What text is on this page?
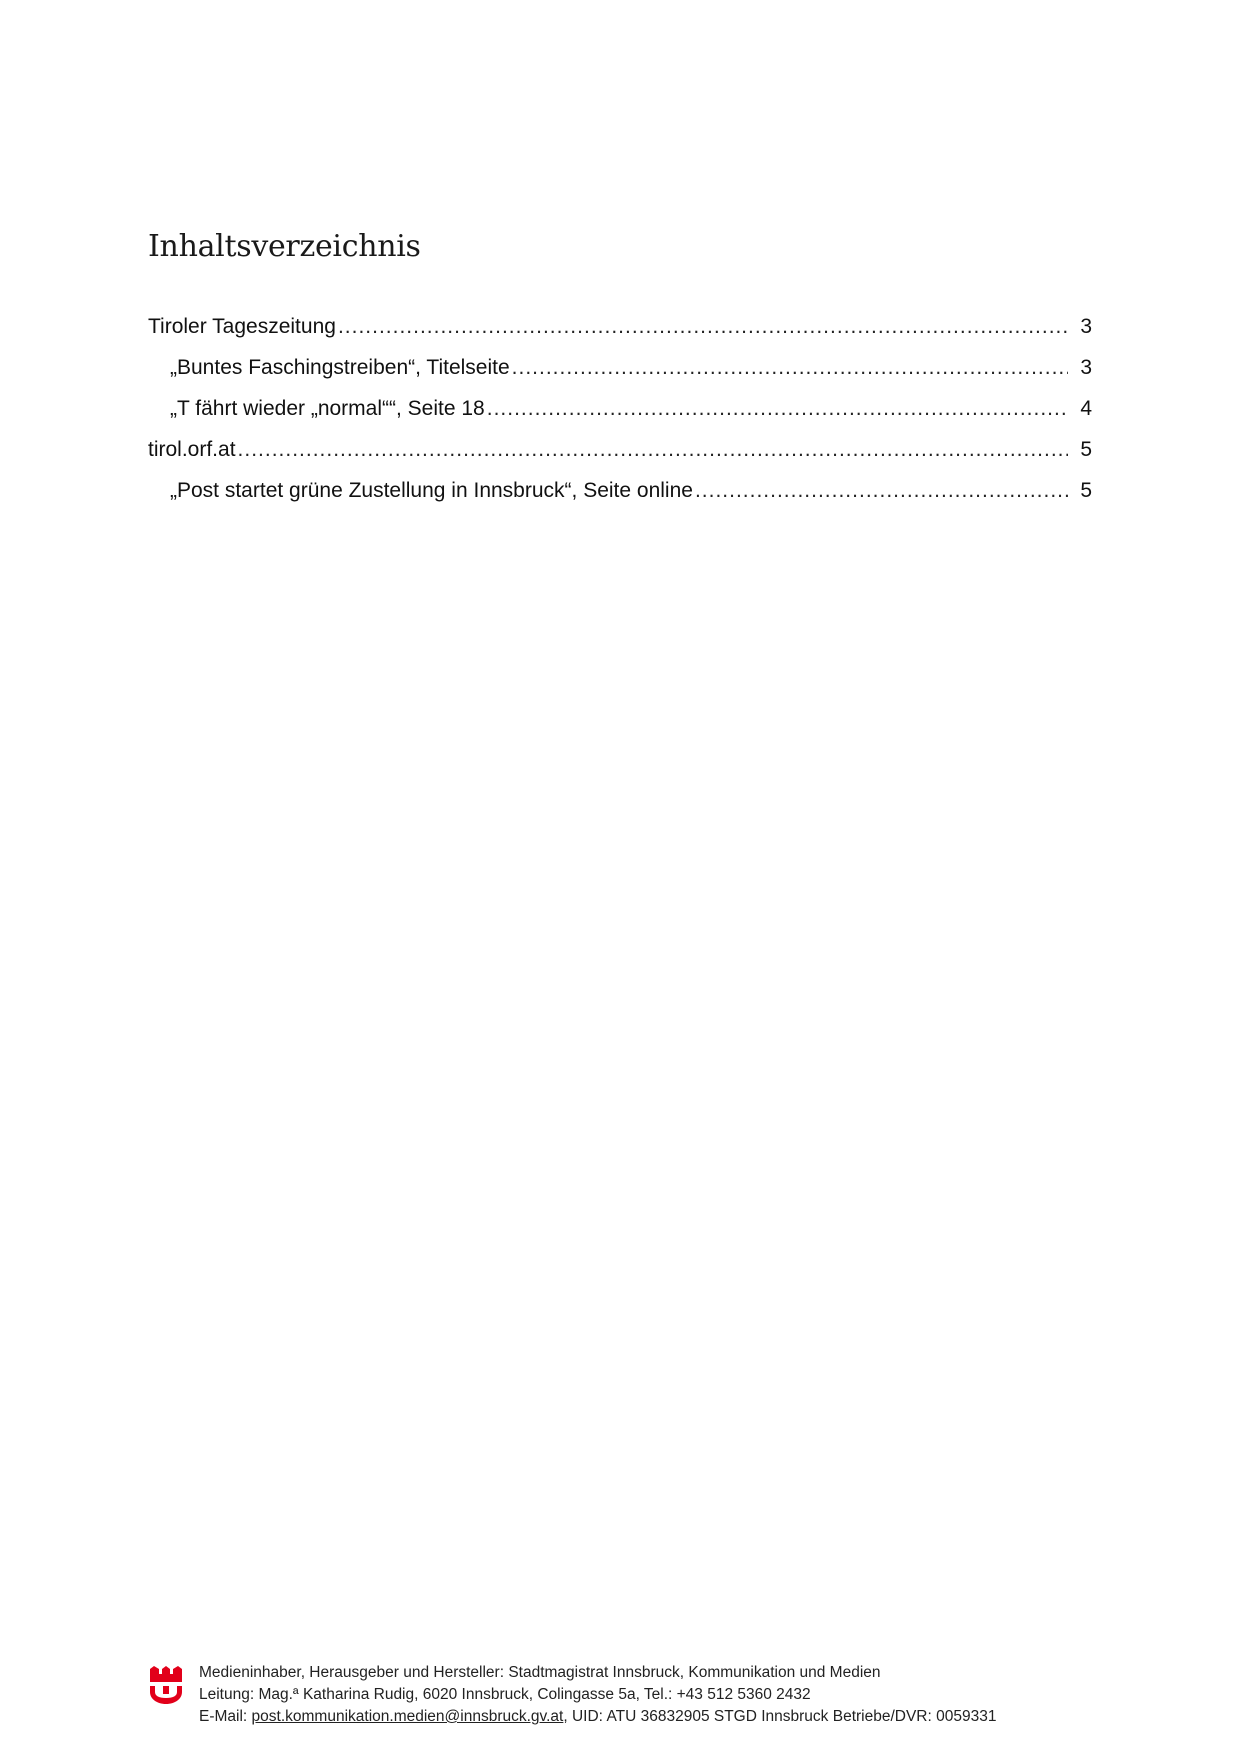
Inhaltsverzeichnis
Tiroler Tageszeitung .....	3
„Buntes Faschingstreiben“, Titelseite .....	3
„T fährt wieder „normal““, Seite 18 .....	4
tirol.orf.at .....	5
„Post startet grüne Zustellung in Innsbruck“, Seite online .....	5
Medieninhaber, Herausgeber und Hersteller: Stadtmagistrat Innsbruck, Kommunikation und Medien
Leitung: Mag.ª Katharina Rudig, 6020 Innsbruck, Colingasse 5a, Tel.: +43 512 5360 2432
E-Mail: post.kommunikation.medien@innsbruck.gv.at, UID: ATU 36832905 STGD Innsbruck Betriebe/DVR: 0059331
